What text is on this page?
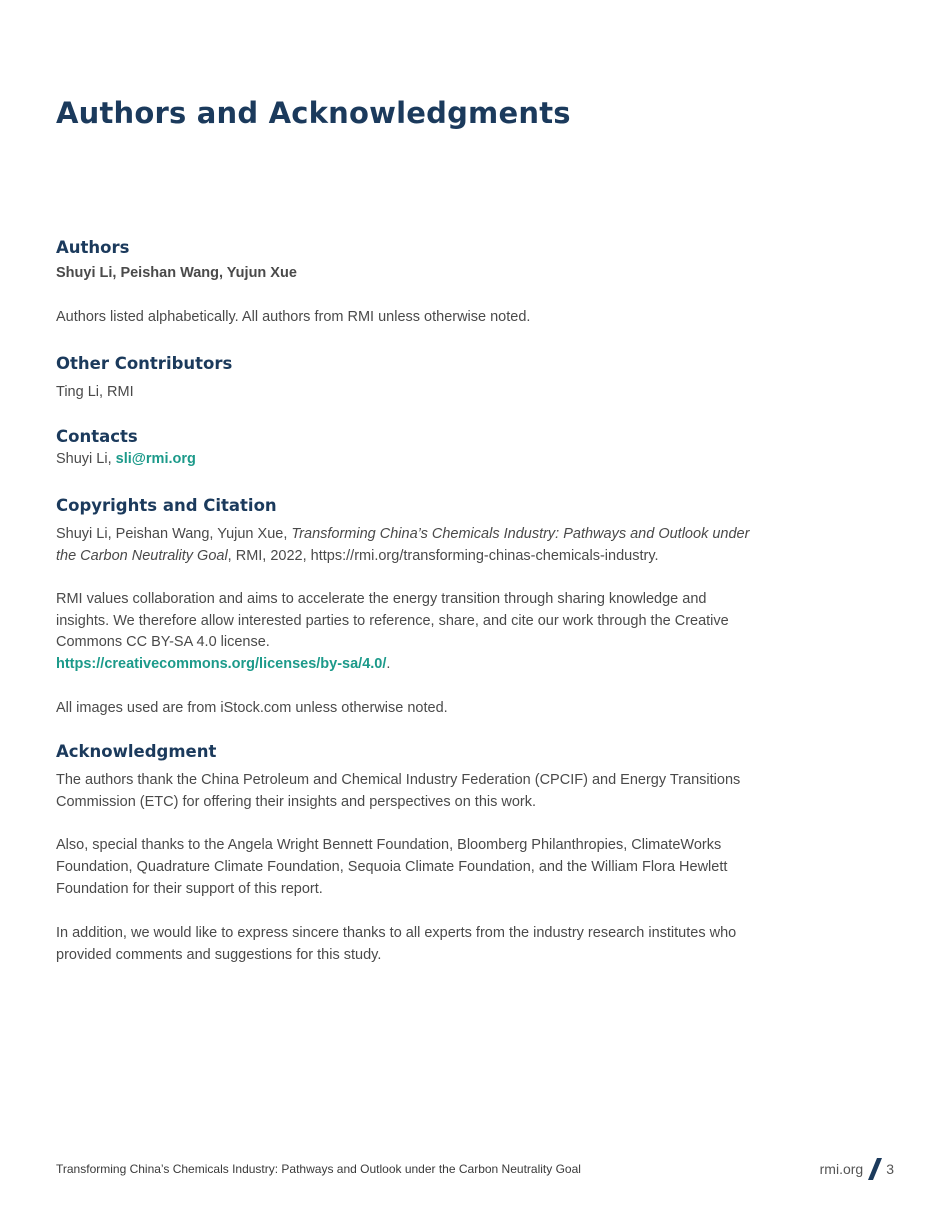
Authors and Acknowledgments
Authors

Shuyi Li, Peishan Wang, Yujun Xue

Authors listed alphabetically. All authors from RMI unless otherwise noted.

Other Contributors

Ting Li, RMI

Contacts

Shuyi Li, sli@rmi.org

Copyrights and Citation

Shuyi Li, Peishan Wang, Yujun Xue, Transforming China’s Chemicals Industry: Pathways and Outlook under the Carbon Neutrality Goal, RMI, 2022, https://rmi.org/transforming-chinas-chemicals-industry.

RMI values collaboration and aims to accelerate the energy transition through sharing knowledge and insights. We therefore allow interested parties to reference, share, and cite our work through the Creative Commons CC BY-SA 4.0 license.

https://creativecommons.org/licenses/by-sa/4.0/.

All images used are from iStock.com unless otherwise noted.

Acknowledgment

The authors thank the China Petroleum and Chemical Industry Federation (CPCIF) and Energy Transitions Commission (ETC) for offering their insights and perspectives on this work.

Also, special thanks to the Angela Wright Bennett Foundation, Bloomberg Philanthropies, ClimateWorks Foundation, Quadrature Climate Foundation, Sequoia Climate Foundation, and the William Flora Hewlett Foundation for their support of this report.

In addition, we would like to express sincere thanks to all experts from the industry research institutes who provided comments and suggestions for this study.

Transforming China’s Chemicals Industry: Pathways and Outlook under the Carbon Neutrality Goal	rmi.org 3
